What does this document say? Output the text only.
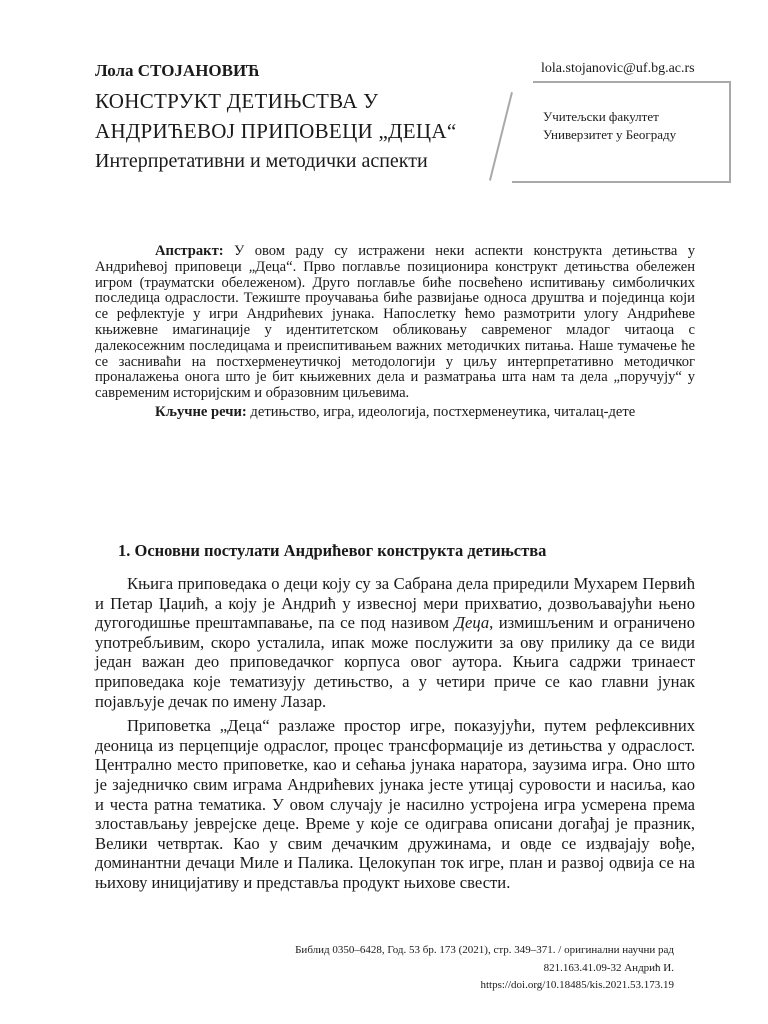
Лола СТОЈАНОВИЋ	lola.stojanovic@uf.bg.ac.rs
КОНСТРУКТ ДЕТИЊСТВА У
АНДРИЋЕВОЈ ПРИПОВЕЦИ „ДЕЦА“
Интерпретативни и методички аспекти
Учитељски факултет
Универзитет у Београду

Апстракт: У овом раду су истражени неки аспекти конструкта детињства у Андрићевој приповеци „Деца“. Прво поглавље позиционира конструкт детињства обележен игром (трауматски обележеном). Друго поглавље биће посвећено испитивању симболичких последица одраслости. Тежиште проучавања биће развијање односа друштва и појединца који се рефлектује у игри Андрићевих јунака. Напослетку ћемо размотрити улогу Андрићеве књижевне имагинације у идентитетском обликовању савременог младог читаоца с далекосежним последицама и преиспитивањем важних методичких питања. Наше тумачење ће се засниваћи на постхерменеутичкој методологији у циљу интерпретативно методичког проналажења онога што је бит књижевних дела и разматрања шта нам та дела „поручују“ у савременим историјским и образовним циљевима.

Кључне речи: детињство, игра, идеологија, постхерменеутика, читалац-дете

1. Основни постулати Андрићевог конструкта детињства

Књига приповедака о деци коју су за Сабрана дела приредили Мухарем Первић и Петар Џаџић, а коју је Андрић у извесној мери прихватио, дозвољавајући њено дугогодишње прештампавање, па се под називом Деца, измишљеним и ограничено употребљивим, скоро усталила, ипак може послужити за ову прилику да се види један важан део приповедачког корпуса овог аутора. Књига садржи тринаест приповедака које тематизују детињство, а у четири приче се као главни јунак појављује дечак по имену Лазар.

Приповетка „Деца“ разлаже простор игре, показујући, путем рефлексивних деоница из перцепције одраслог, процес трансформације из детињства у одраслост. Централно место приповетке, као и сећања јунака наратора, заузима игра. Оно што је заједничко свим играма Андрићевих јунака јесте утицај суровости и насиља, као и честа ратна тематика. У овом случају је насилно устројена игра усмерена према злостављању јеврејске деце. Време у које се одиграва описани догађај је празник, Велики четвртак. Као у свим дечачким дружинама, и овде се издвајају вође, доминантни дечаци Миле и Палика. Целокупан ток игре, план и развој одвија се на њихову иницијативу и представља продукт њихове свести.

Библид 0350–6428, Год. 53 бр. 173 (2021), стр. 349–371. / оригинални научни рад
821.163.41.09-32 Андрић И.
https://doi.org/10.18485/kis.2021.53.173.19
